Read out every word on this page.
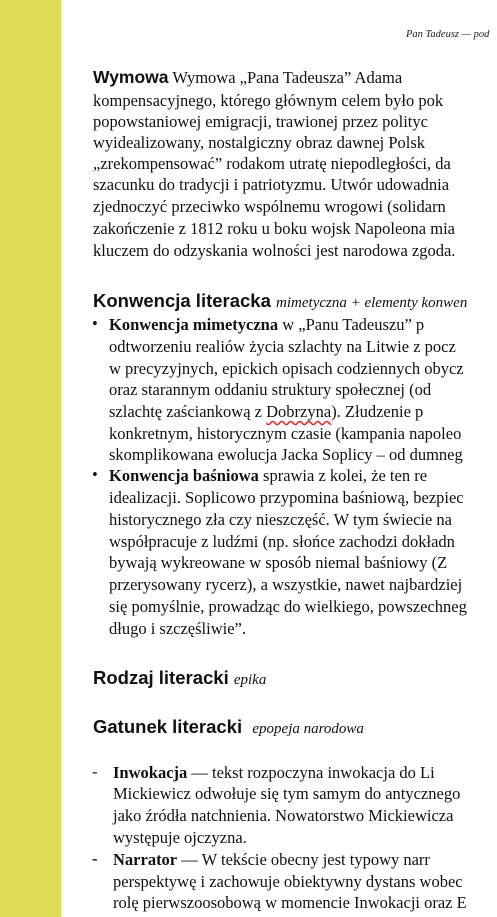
Pan Tadeusz — pod
Wymowa Wymowa „Pana Tadeusza” Adama
kompensacyjnego, którego głównym celem było pok
popowstaniowej emigracji, trawionej przez polityc
wyidealizowany, nostalgiczny obraz dawnej Polsk
„zrekompensować” rodakom utratę niepodległości, da
szacunku do tradycji i patriotyzmu. Utwór udowadnia
zjednoczyć przeciwko wspólnemu wrogowi (solidarn
zakończenie z 1812 roku u boku wojsk Napoleona mia
kluczem do odzyskania wolności jest narodowa zgoda.
Konwencja literacka mimetyczna + elementy konwen
• Konwencja mimetyczna w „Panu Tadeuszu” p
odtworzeniu realiów życia szlachty na Litwie z pocz
w precyzyjnych, epickich opisach codziennych obycz
oraz starannym oddaniu struktury społecznej (od
szlachtę zaściankową z Dobrzyna). Złudzenie p
konkretnym, historycznym czasie (kampania napoleo
skomplikowana ewolucja Jacka Soplicy – od dumneg
• Konwencja baśniowa sprawia z kolei, że ten re
idealizacji. Soplicowo przypomina baśniową, bezpiec
historycznego zła czy nieszczęść. W tym świecie na
współpracuje z ludźmi (np. słońce zachodzi dokładn
bywają wykreowane w sposób niemal baśniowy (Z
przerysowany rycerz), a wszystkie, nawet najbardziej
się pomyślnie, prowadząc do wielkiego, powszechneg
długo i szczęśliwie”.
Rodzaj literacki epika
Gatunek literacki epopeja narodowa
- Inwokacja — tekst rozpoczyna inwokacja do Li
Mickiewicz odwołuje się tym samym do antycznego
jako źródła natchnienia. Nowatorstwo Mickiewicza
występuje ojczyzna.
- Narrator — W tekście obecny jest typowy narr
perspektywę i zachowuje obiektywny dystans wobec
rolę pierwszoosobową w momencie Inwokacji oraz E
